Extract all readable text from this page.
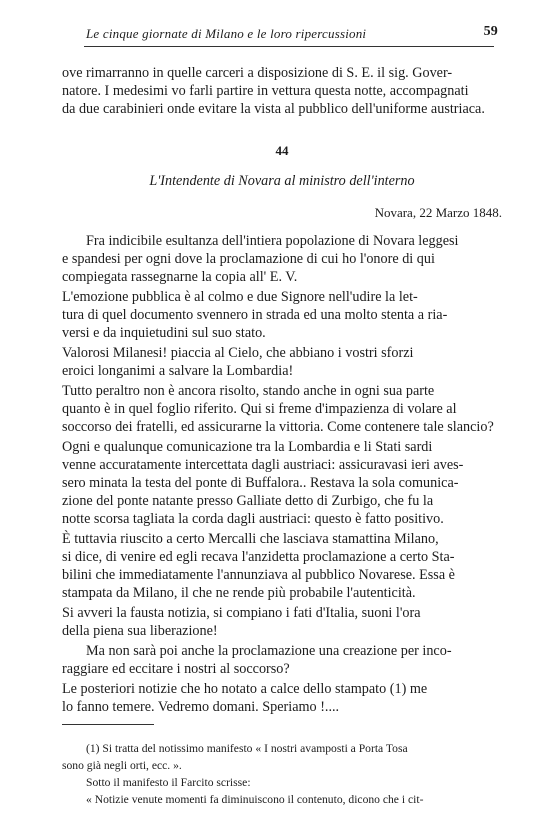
Le cinque giornate di Milano e le loro ripercussioni	59
ove rimarranno in quelle carceri a disposizione di S. E. il sig. Gover-
natore. I medesimi vo farli partire in vettura questa notte, accompagnati
da due carabinieri onde evitare la vista al pubblico dell'uniforme austriaca.
44
L'Intendente di Novara al ministro dell'interno
Novara, 22 Marzo 1848.
Fra indicibile esultanza dell'intiera popolazione di Novara leggesi
e spandesi per ogni dove la proclamazione di cui ho l'onore di qui
compiegata rassegnarne la copia all' E. V.
L'emozione pubblica è al colmo e due Signore nell'udire la let-
tura di quel documento svennero in strada ed una molto stenta a ria-
versi e da inquietudini sul suo stato.
Valorosi Milanesi! piaccia al Cielo, che abbiano i vostri sforzi
eroici longanimi a salvare la Lombardia!
Tutto peraltro non è ancora risolto, stando anche in ogni sua parte
quanto è in quel foglio riferito. Qui si freme d'impazienza di volare al
soccorso dei fratelli, ed assicurarne la vittoria. Come contenere tale slancio?
Ogni e qualunque comunicazione tra la Lombardia e li Stati sardi
venne accuratamente intercettata dagli austriaci: assicuravasi ieri aves-
sero minata la testa del ponte di Buffalora.. Restava la sola comunica-
zione del ponte natante presso Galliate detto di Zurbigo, che fu la
notte scorsa tagliata la corda dagli austriaci: questo è fatto positivo.
È tuttavia riuscito a certo Mercalli che lasciava stamattina Milano,
si dice, di venire ed egli recava l'anzidetta proclamazione a certo Sta-
bilini che immediatamente l'annunziava al pubblico Novarese. Essa è
stampata da Milano, il che ne rende più probabile l'autenticità.
Si avveri la fausta notizia, si compiano i fati d'Italia, suoni l'ora
della piena sua liberazione!
Ma non sarà poi anche la proclamazione una creazione per inco-
raggiare ed eccitare i nostri al soccorso?
Le posteriori notizie che ho notato a calce dello stampato (1) me
lo fanno temere. Vedremo domani. Speriamo !....
(1) Si tratta del notissimo manifesto « I nostri avamposti a Porta Tosa
sono già negli orti, ecc. ».
Sotto il manifesto il Farcito scrisse:
« Notizie venute momenti fa diminuiscono il contenuto, dicono che i cit-
